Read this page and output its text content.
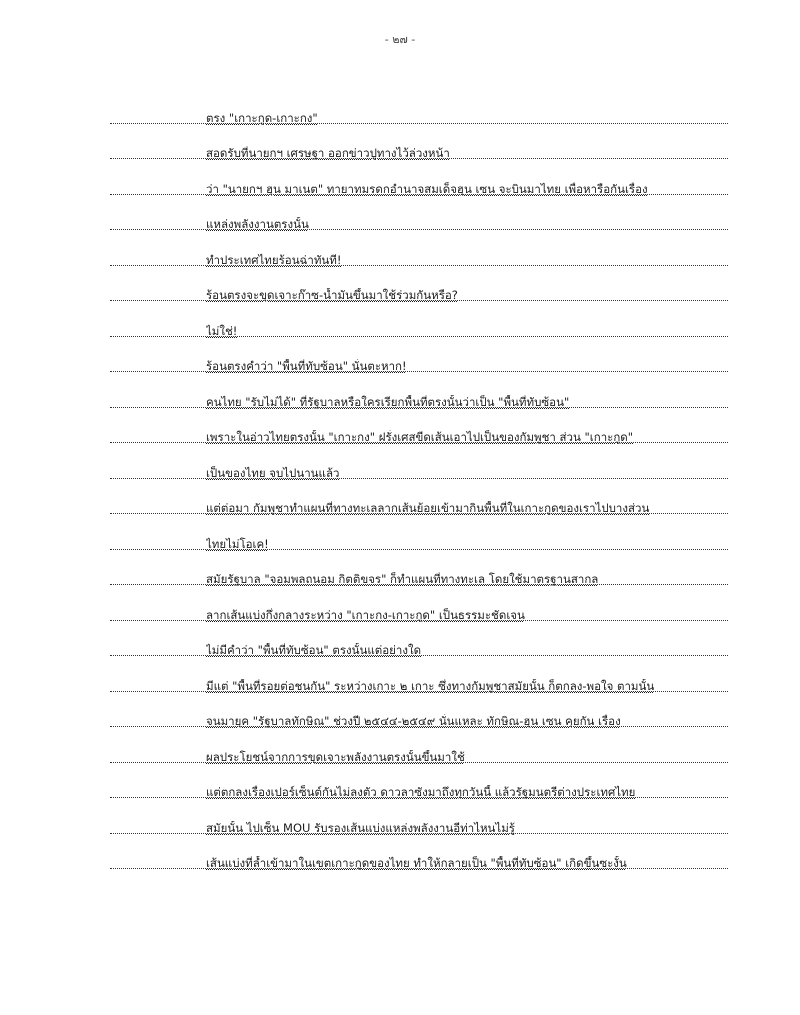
- ๒๗ -
ตรง "เกาะกูด-เกาะกง"
สอดรับที่นายกฯ เศรษฐา ออกข่าวปูทางไว้ล่วงหน้า
ว่า "นายกฯ ฮุน มาเนต" ทายาทมรดกอำนาจสมเด็จฮุน เซน จะบินมาไทย เพื่อหารือกันเรื่อง
แหล่งพลังงานตรงนั้น
ทำประเทศไทยร้อนฉ่าทันที!
ร้อนตรงจะขุดเจาะก๊าซ-น้ำมันขึ้นมาใช้ร่วมกันหรือ?
ไม่ใช่!
ร้อนตรงคำว่า "พื้นที่ทับซ้อน" นั่นตะหาก!
คนไทย "รับไม่ได้" ที่รัฐบาลหรือใครเรียกพื้นที่ตรงนั้นว่าเป็น "พื้นที่ทับซ้อน"
เพราะในอ่าวไทยตรงนั้น "เกาะกง" ฝรั่งเศสขีดเส้นเอาไปเป็นของกัมพูชา ส่วน "เกาะกูด"
เป็นของไทย จบไปนานแล้ว
แต่ต่อมา กัมพูชาทำแผนที่ทางทะเลลากเส้นย้อยเข้ามากินพื้นที่ในเกาะกูดของเราไปบางส่วน
ไทยไม่โอเค!
สมัยรัฐบาล "จอมพลถนอม กิตติขจร" ก็ทำแผนที่ทางทะเล โดยใช้มาตรฐานสากล
ลากเส้นแบ่งกึ่งกลางระหว่าง "เกาะกง-เกาะกูด" เป็นธรรมะชัดเจน
ไม่มีคำว่า "พื้นที่ทับซ้อน" ตรงนั้นแต่อย่างใด
มีแต่ "พื้นที่รอยต่อชนกัน" ระหว่างเกาะ ๒ เกาะ ซึ่งทางกัมพูชาสมัยนั้น ก็ตกลง-พอใจ ตามนั้น
จนมายุค "รัฐบาลทักษิณ" ช่วงปี ๒๕๔๔-๒๕๔๙ นั่นแหละ ทักษิณ-ฮุน เซน คุยกัน เรื่อง
ผลประโยชน์จากการขุดเจาะพลังงานตรงนั้นขึ้นมาใช้
แต่ตกลงเรื่องเปอร์เซ็นต์กันไม่ลงตัว ดาวลาซังมาถึงทุกวันนี้ แล้วรัฐมนตรีต่างประเทศไทย
สมัยนั้น ไปเซ็น MOU รับรองเส้นแบ่งแหล่งพลังงานอีท่าไหนไม่รู้
เส้นแบ่งที่ล้ำเข้ามาในเขตเกาะกูดของไทย ทำให้กลายเป็น "พื้นที่ทับซ้อน" เกิดขึ้นซะงั้น
